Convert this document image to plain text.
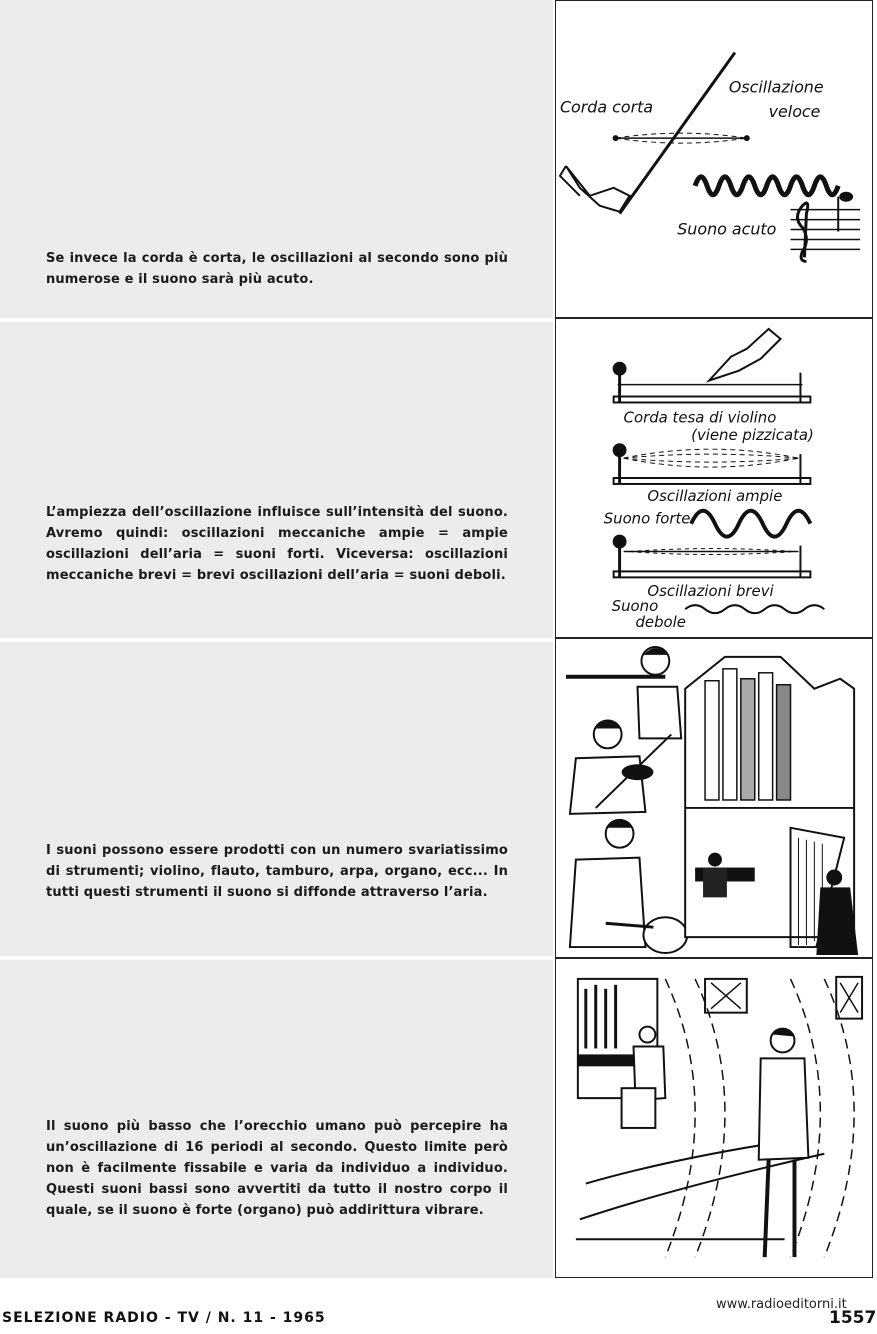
Se invece la corda è corta, le oscillazioni al secondo sono più numerose e il suono sarà più acuto.
Corda corta
Oscillazione
veloce
Suono acuto
L’ampiezza dell’oscillazione influisce sull’intensità del suono. Avremo quindi: oscillazioni meccaniche ampie = ampie oscillazioni dell’aria = suoni forti. Viceversa: oscillazioni meccaniche brevi = brevi oscillazioni dell’aria = suoni deboli.
Corda tesa di violino
(viene pizzicata)
Oscillazioni ampie
Suono forte
Oscillazioni brevi
Suono
debole
I suoni possono essere prodotti con un numero svariatissimo di strumenti; violino, flauto, tamburo, arpa, organo, ecc... In tutti questi strumenti il suono si diffonde attraverso l’aria.
Il suono più basso che l’orecchio umano può percepire ha un’oscillazione di 16 periodi al secondo. Questo limite però non è facilmente fissabile e varia da individuo a individuo. Questi suoni bassi sono avvertiti da tutto il nostro corpo il quale, se il suono è forte (organo) può addirittura vibrare.
SELEZIONE RADIO - TV / N. 11 - 1965
www.radioeditorni.it
1557
